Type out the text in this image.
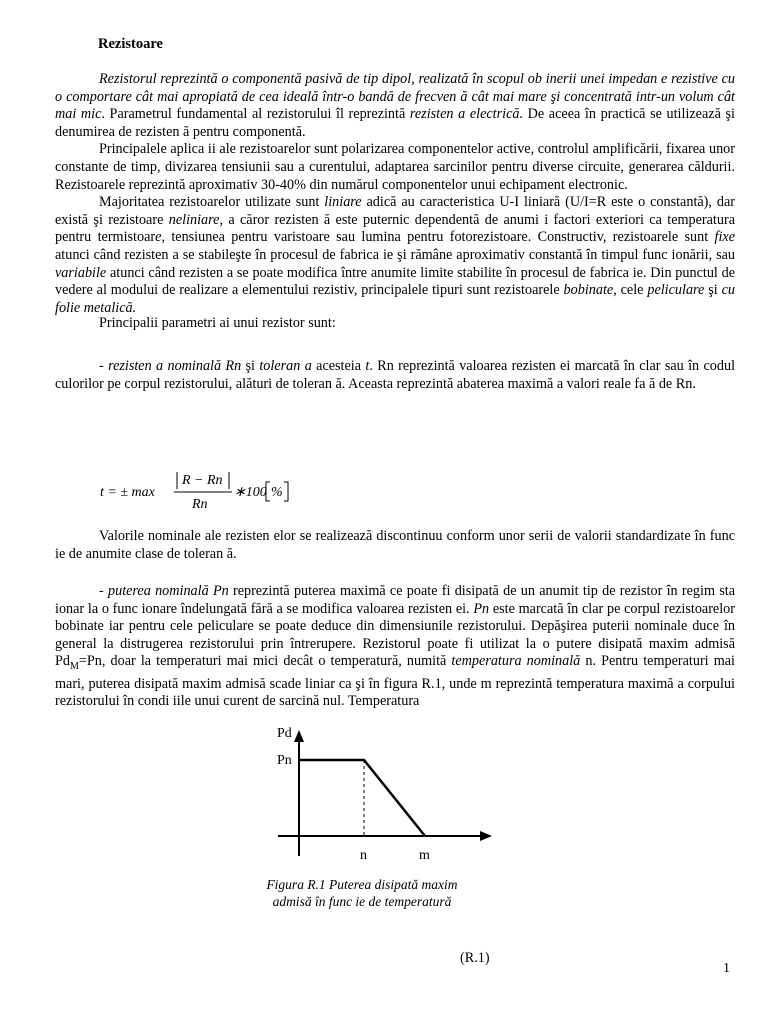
Rezistoare

Rezistorul reprezintă o componentă pasivă de tip dipol, realizată în scopul ob inerii unei impedan e rezistive cu o comportare cât mai apropiată de cea ideală într-o bandă de frecven ă cât mai mare şi concentrată intr-un volum cât mai mic. Parametrul fundamental al rezistorului îl reprezintă rezisten a electrică. De aceea în practică se utilizează şi denumirea de rezisten ă pentru componentă.

Principalele aplica ii ale rezistoarelor sunt polarizarea componentelor active, controlul amplificării, fixarea unor constante de timp, divizarea tensiunii sau a curentului, adaptarea sarcinilor pentru diverse circuite, generarea căldurii. Rezistoarele reprezintă aproximativ 30-40% din numărul componentelor unui echipament electronic.

Majoritatea rezistoarelor utilizate sunt liniare adică au caracteristica U-I liniară (U/I=R este o constantă), dar există şi rezistoare neliniare, a căror rezisten ă este puternic dependentă de anumi i factori exteriori ca temperatura pentru termistoare, tensiunea pentru varistoare sau lumina pentru fotorezistoare. Constructiv, rezistoarele sunt fixe atunci când rezisten a se stabileşte în procesul de fabrica ie şi rămâne aproximativ constantă în timpul func ionării, sau variabile atunci când rezisten a se poate modifica între anumite limite stabilite în procesul de fabrica ie. Din punctul de vedere al modului de realizare a elementului rezistiv, principalele tipuri sunt rezistoarele bobinate, cele peliculare şi cu folie metalică.

Principalii parametri ai unui rezistor sunt:

- rezisten a nominală Rn şi toleran a acesteia t. Rn reprezintă valoarea rezisten ei marcată în clar sau în codul culorilor pe corpul rezistorului, alături de toleran ă. Aceasta reprezintă abaterea maximă a valori reale fa ă de Rn.

t = ± max
R − Rn
Rn
∗100 %
(R.1)

Valorile nominale ale rezisten elor se realizează discontinuu conform unor serii de valorii standardizate în func ie de anumite clase de toleran ă.

- puterea nominală Pn reprezintă puterea maximă ce poate fi disipată de un anumit tip de rezistor în regim sta ionar la o func ionare îndelungată fără a se modifica valoarea rezisten ei. Pn este marcată în clar pe corpul rezistoarelor bobinate iar pentru cele peliculare se poate deduce din dimensiunile rezistorului. Depăşirea puterii nominale duce în general la distrugerea rezistorului prin întrerupere. Rezistorul poate fi utilizat la o putere disipată maxim admisă $Pd_M=Pn$, doar la temperaturi mai mici decât o temperatură, numită temperatura nominală n. Pentru temperaturi mai mari, puterea disipată maxim admisă scade liniar ca şi în figura R.1, unde m reprezintă temperatura maximă a corpului rezistorului în condi iile unui curent de sarcină nul. Temperatura

Pd
Pn
n	m
Figura R.1 Puterea disipată maxim admisă în func ie de temperatură
1
